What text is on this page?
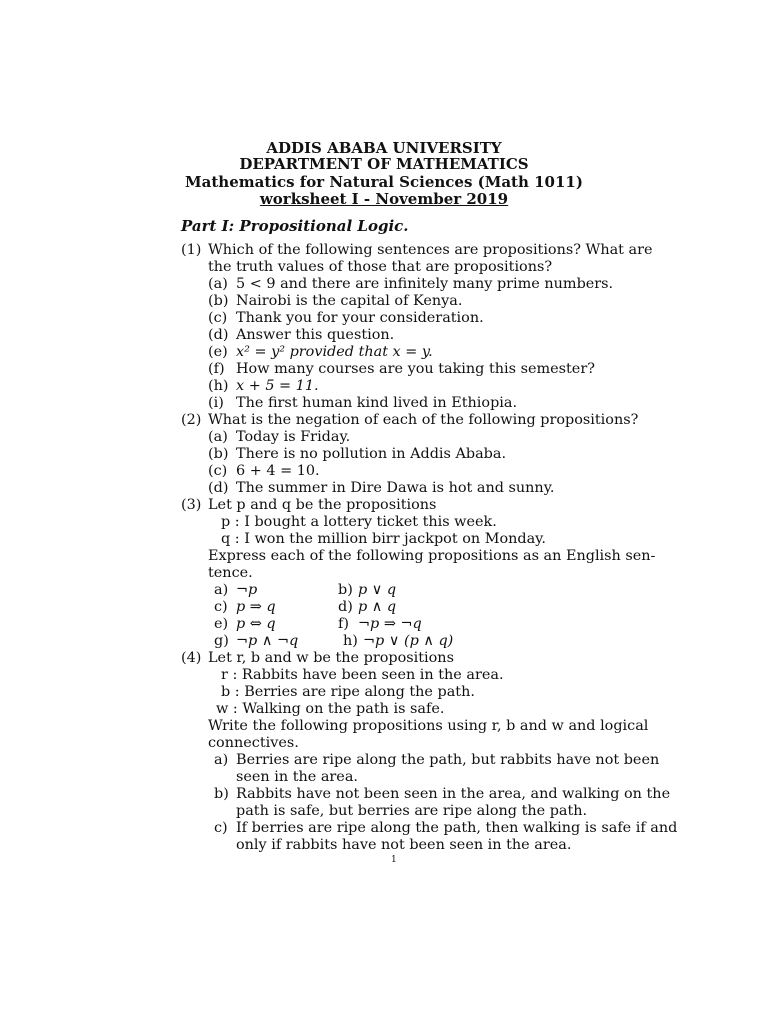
ADDIS ABABA UNIVERSITY
DEPARTMENT OF MATHEMATICS
Mathematics for Natural Sciences (Math 1011)
worksheet I - November 2019
Part I: Propositional Logic.
(1) Which of the following sentences are propositions? What are
the truth values of those that are propositions?
(a) 5 < 9 and there are infinitely many prime numbers.
(b) Nairobi is the capital of Kenya.
(c) Thank you for your consideration.
(d) Answer this question.
(e) x² = y² provided that x = y.
(f) How many courses are you taking this semester?
(h) x + 5 = 11.
(i) The first human kind lived in Ethiopia.
(2) What is the negation of each of the following propositions?
(a) Today is Friday.
(b) There is no pollution in Addis Ababa.
(c) 6 + 4 = 10.
(d) The summer in Dire Dawa is hot and sunny.
(3) Let p and q be the propositions
p : I bought a lottery ticket this week.
q : I won the million birr jackpot on Monday.
Express each of the following propositions as an English sen-
tence.
a) ¬p	b) p ∨ q
c) p ⇒ q	d) p ∧ q
e) p ⇔ q	f) ¬p ⇒ ¬q
g) ¬p ∧ ¬q	h) ¬p ∨ (p ∧ q)
(4) Let r, b and w be the propositions
r : Rabbits have been seen in the area.
b : Berries are ripe along the path.
w : Walking on the path is safe.
Write the following propositions using r, b and w and logical
connectives.
a) Berries are ripe along the path, but rabbits have not been
seen in the area.
b) Rabbits have not been seen in the area, and walking on the
path is safe, but berries are ripe along the path.
c) If berries are ripe along the path, then walking is safe if and
only if rabbits have not been seen in the area.
1
